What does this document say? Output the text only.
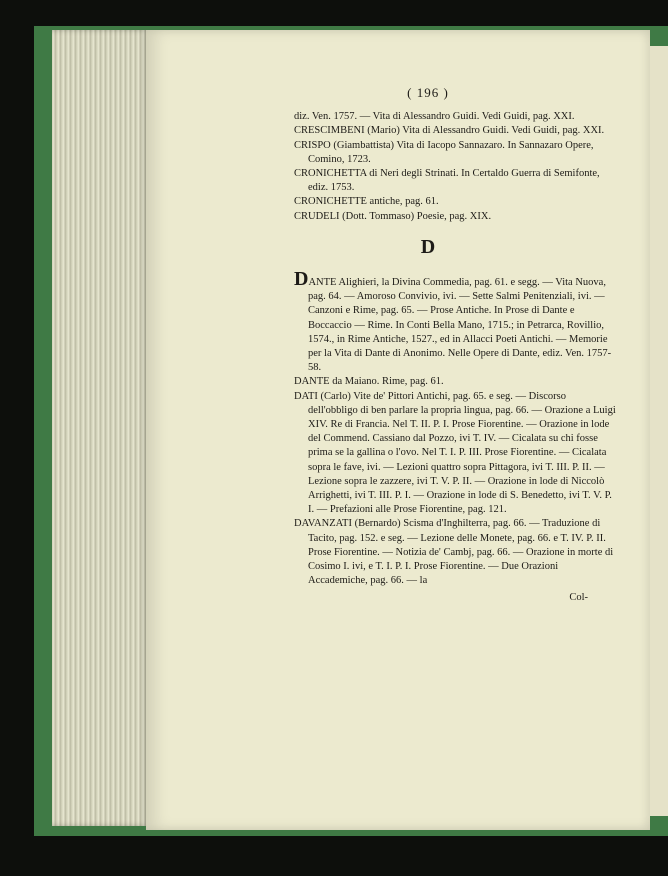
( 196 )

diz. Ven. 1757. — Vita di Alessandro Guidi. Vedi Guidi, pag. XXI.

CRESCIMBENI (Mario) Vita di Alessandro Guidi. Vedi Guidi, pag. XXI.

CRISPO (Giambattista) Vita di Iacopo Sannazaro. In Sannazaro Opere, Comino, 1723.

CRONICHETTA di Neri degli Strinati. In Certaldo Guerra di Semifonte, ediz. 1753.

CRONICHETTE antiche, pag. 61.

CRUDELI (Dott. Tommaso) Poesie, pag. XIX.

D

DANTE Alighieri, la Divina Commedia, pag. 61. e segg. — Vita Nuova, pag. 64. — Amoroso Convivio, ivi. — Sette Salmi Penitenziali, ivi. — Canzoni e Rime, pag. 65. — Prose Antiche. In Prose di Dante e Boccaccio — Rime. In Conti Bella Mano, 1715.; in Petrarca, Rovillio, 1574., in Rime Antiche, 1527., ed in Allacci Poeti Antichi. — Memorie per la Vita di Dante di Anonimo. Nelle Opere di Dante, ediz. Ven. 1757-58.

DANTE da Maiano. Rime, pag. 61.

DATI (Carlo) Vite de' Pittori Antichi, pag. 65. e seg. — Discorso dell'obbligo di ben parlare la propria lingua, pag. 66. — Orazione a Luigi XIV. Re di Francia. Nel T. II. P. I. Prose Fiorentine. — Orazione in lode del Commend. Cassiano dal Pozzo, ivi T. IV. — Cicalata su chi fosse prima se la gallina o l'ovo. Nel T. I. P. III. Prose Fiorentine. — Cicalata sopra le fave, ivi. — Lezioni quattro sopra Pittagora, ivi T. III. P. II. — Lezione sopra le zazzere, ivi T. V. P. II. — Orazione in lode di Niccolò Arrighetti, ivi T. III. P. I. — Orazione in lode di S. Benedetto, ivi T. V. P. I. — Prefazioni alle Prose Fiorentine, pag. 121.

DAVANZATI (Bernardo) Scisma d'Inghilterra, pag. 66. — Traduzione di Tacito, pag. 152. e seg. — Lezione delle Monete, pag. 66. e T. IV. P. II. Prose Fiorentine. — Notizia de' Cambj, pag. 66. — Orazione in morte di Cosimo I. ivi, e T. I. P. I. Prose Fiorentine. — Due Orazioni Accademiche, pag. 66. — la

Col-
